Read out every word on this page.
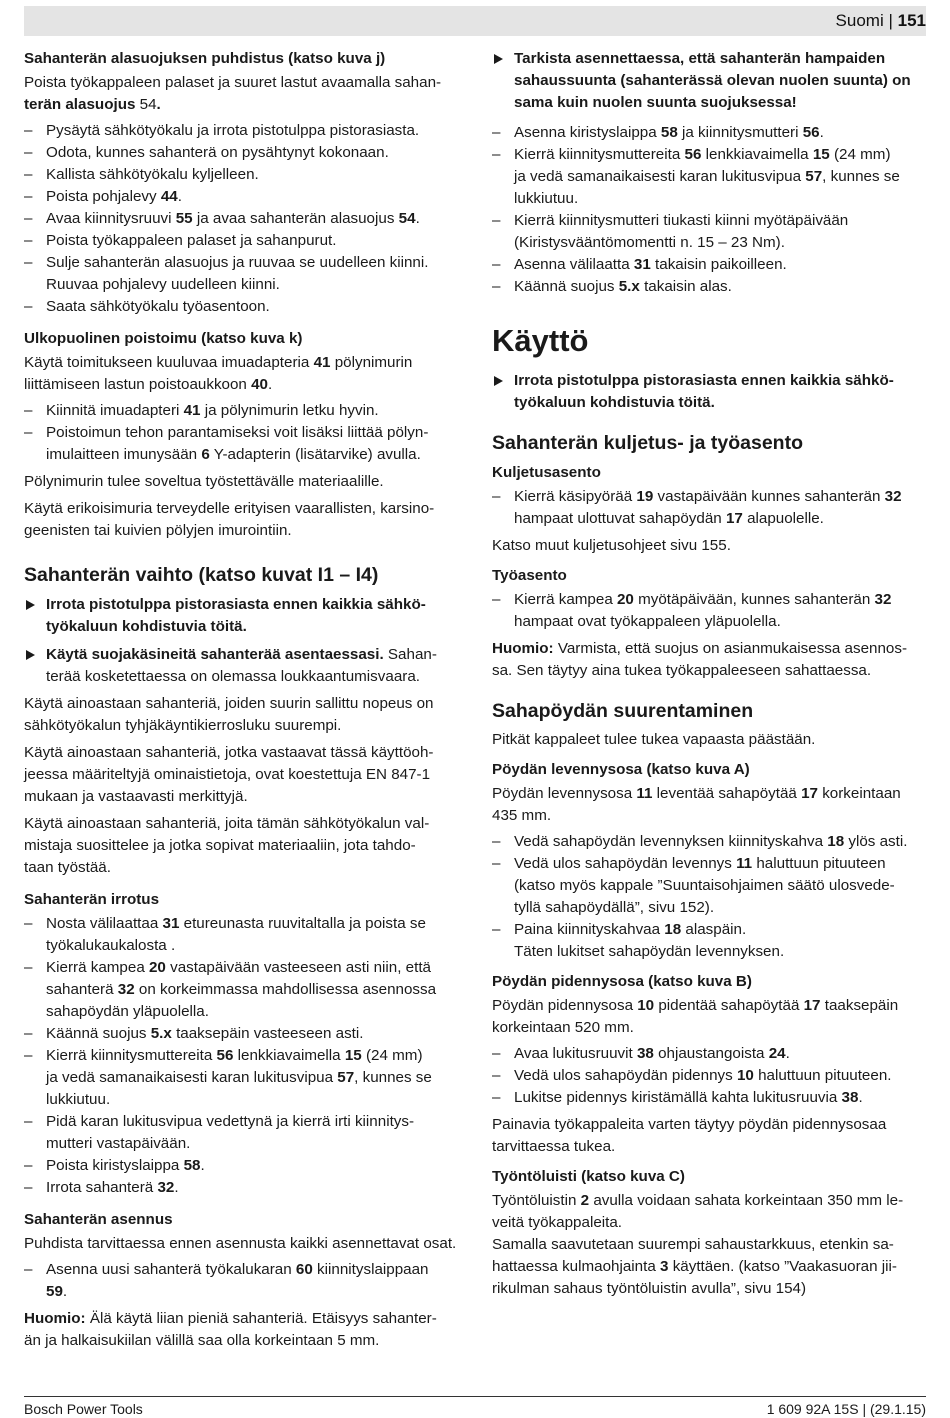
Suomi | 151

Sahanterän alasuojuksen puhdistus (katso kuva j)

Poista työkappaleen palaset ja suuret lastut avaamalla sahan-terän alasuojus 54.

– Pysäytä sähkötyökalu ja irrota pistotulppa pistorasiasta.
– Odota, kunnes sahanterä on pysähtynyt kokonaan.
– Kallista sähkötyökalu kyljelleen.
– Poista pohjalevy 44.
– Avaa kiinnitysruuvi 55 ja avaa sahanterän alasuojus 54.
– Poista työkappaleen palaset ja sahanpurut.
– Sulje sahanterän alasuojus ja ruuvaa se uudelleen kiinni.
Ruuvaa pohjalevy uudelleen kiinni.
– Saata sähkötyökalu työasentoon.

Ulkopuolinen poistoimu (katso kuva k)

Käytä toimitukseen kuuluvaa imuadapteria 41 pölynimurin
liittämiseen lastun poistoaukkoon 40.

– Kiinnitä imuadapteri 41 ja pölynimurin letku hyvin.
– Poistoimun tehon parantamiseksi voit lisäksi liittää pölyn-
imulaitteen imunysään 6 Y-adapterin (lisätarvike) avulla.

Pölynimurin tulee soveltua työstettävälle materiaalille.

Käytä erikoisimuria terveydelle erityisen vaarallisten, karsino-
geenisten tai kuivien pölyjen imurointiin.

Sahanterän vaihto (katso kuvat I1 – I4)

Irrota pistotulppa pistorasiasta ennen kaikkia sähkö-
työkaluun kohdistuvia töitä.

Käytä suojakäsineitä sahanterää asentaessasi. Sahan-
terää kosketettaessa on olemassa loukkaantumisvaara.

Käytä ainoastaan sahanteriä, joiden suurin sallittu nopeus on
sähkötyökalun tyhjäkäyntikierrosluku suurempi.

Käytä ainoastaan sahanteriä, jotka vastaavat tässä käyttöoh-
jeessa määriteltyjä ominaistietoja, ovat koestettuja EN 847-1
mukaan ja vastaavasti merkittyjä.

Käytä ainoastaan sahanteriä, joita tämän sähkötyökalun val-
mistaja suosittelee ja jotka sopivat materiaaliin, jota tahdo-
taan työstää.

Sahanterän irrotus

– Nosta välilaattaa 31 etureunasta ruuvitaltalla ja poista se
työkalukaukalosta .
– Kierrä kampea 20 vastapäivään vasteeseen asti niin, että
sahanterä 32 on korkeimmassa mahdollisessa asennossa
sahapöydän yläpuolella.
– Käännä suojus 5.x taaksepäin vasteeseen asti.
– Kierrä kiinnitysmuttereita 56 lenkkiavaimella 15 (24 mm)
ja vedä samanaikaisesti karan lukitusvipua 57, kunnes se
lukkiutuu.
– Pidä karan lukitusvipua vedettynä ja kierrä irti kiinnitys-
mutteri vastapäivään.
– Poista kiristyslaippa 58.
– Irrota sahanterä 32.

Sahanterän asennus

Puhdista tarvittaessa ennen asennusta kaikki asennettavat osat.

– Asenna uusi sahanterä työkalukaran 60 kiinnityslaippaan
59.

Huomio: Älä käytä liian pieniä sahanteriä. Etäisyys sahanter-
än ja halkaisukiilan välillä saa olla korkeintaan 5 mm.

Tarkista asennettaessa, että sahanterän hampaiden
sahaussuunta (sahanterässä olevan nuolen suunta) on
sama kuin nuolen suunta suojuksessa!

– Asenna kiristyslaippa 58 ja kiinnitysmutteri 56.
– Kierrä kiinnitysmuttereita 56 lenkkiavaimella 15 (24 mm)
ja vedä samanaikaisesti karan lukitusvipua 57, kunnes se
lukkiutuu.
– Kierrä kiinnitysmutteri tiukasti kiinni myötäpäivään
(Kiristysvääntömomentti n. 15 – 23 Nm).
– Asenna välilaatta 31 takaisin paikoilleen.
– Käännä suojus 5.x takaisin alas.
Käyttö

Irrota pistotulppa pistorasiasta ennen kaikkia sähkö-
työkaluun kohdistuvia töitä.

Sahanterän kuljetus- ja työasento

Kuljetusasento

– Kierrä käsipyörää 19 vastapäivään kunnes sahanterän 32
hampaat ulottuvat sahapöydän 17 alapuolelle.

Katso muut kuljetusohjeet sivu 155.

Työasento

– Kierrä kampea 20 myötäpäivään, kunnes sahanterän 32
hampaat ovat työkappaleen yläpuolella.

Huomio: Varmista, että suojus on asianmukaisessa asennos-
sa. Sen täytyy aina tukea työkappaleeseen sahattaessa.

Sahapöydän suurentaminen

Pitkät kappaleet tulee tukea vapaasta päästään.

Pöydän levennysosa (katso kuva A)

Pöydän levennysosa 11 leventää sahapöytää 17 korkeintaan
435 mm.

– Vedä sahapöydän levennyksen kiinnityskahva 18 ylös asti.
– Vedä ulos sahapöydän levennys 11 haluttuun pituuteen
(katso myös kappale ”Suuntaisohjaimen säätö ulosvede-
tyllä sahapöydällä”, sivu 152).
– Paina kiinnityskahvaa 18 alaspäin.
Täten lukitset sahapöydän levennyksen.

Pöydän pidennysosa (katso kuva B)

Pöydän pidennysosa 10 pidentää sahapöytää 17 taaksepäin
korkeintaan 520 mm.

– Avaa lukitusruuvit 38 ohjaustangoista 24.
– Vedä ulos sahapöydän pidennys 10 haluttuun pituuteen.
– Lukitse pidennys kiristämällä kahta lukitusruuvia 38.

Painavia työkappaleita varten täytyy pöydän pidennysosaa
tarvittaessa tukea.

Työntöluisti (katso kuva C)

Työntöluistin 2 avulla voidaan sahata korkeintaan 350 mm le-
veitä työkappaleita.
Samalla saavutetaan suurempi sahaustarkkuus, etenkin sa-
hattaessa kulmaohjainta 3 käyttäen. (katso ”Vaakasuoran jii-
rikulman sahaus työntöluistin avulla”, sivu 154)

Bosch Power Tools	1 609 92A 15S | (29.1.15)
